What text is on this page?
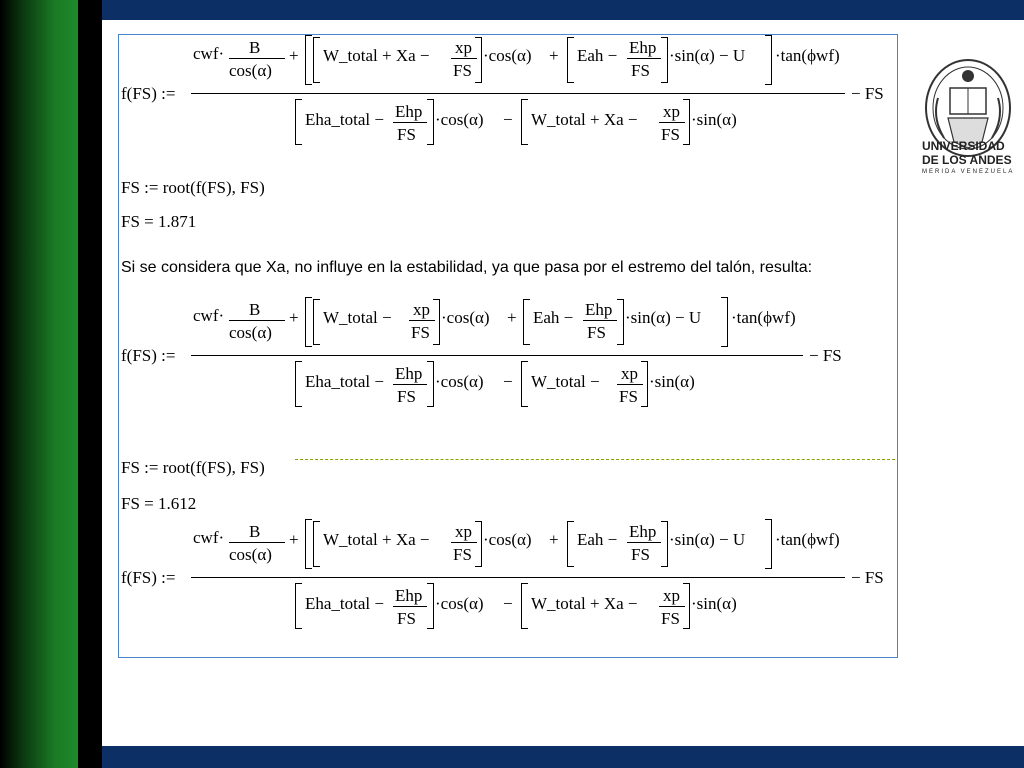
UNIVERSIDAD
DE LOS ANDES
MERIDA VENEZUELA
cwf· B
cos(α)
+ W_total + Xa − xp
FS
·cos(α) + Eah − Ehp
FS
·sin(α) − U ·tan(ϕwf)
f(FS) :=	− FS
Eha_total − Ehp
FS
·cos(α) − W_total + Xa − xp
FS
·sin(α)
FS := root(f(FS), FS)
FS = 1.871
Si se considera que Xa, no influye en la estabilidad, ya que pasa por el estremo del talón, resulta:
cwf· B
cos(α)
+ W_total − xp
FS
·cos(α) + Eah − Ehp
FS
·sin(α) − U ·tan(ϕwf)
f(FS) :=	− FS
Eha_total − Ehp
FS
·cos(α) − W_total − xp
FS
·sin(α)
FS := root(f(FS), FS)
FS = 1.612
cwf· B
cos(α)
+ W_total + Xa − xp
FS
·cos(α) + Eah − Ehp
FS
·sin(α) − U ·tan(ϕwf)
f(FS) :=	− FS
Eha_total − Ehp
FS
·cos(α) − W_total + Xa − xp
FS
·sin(α)
